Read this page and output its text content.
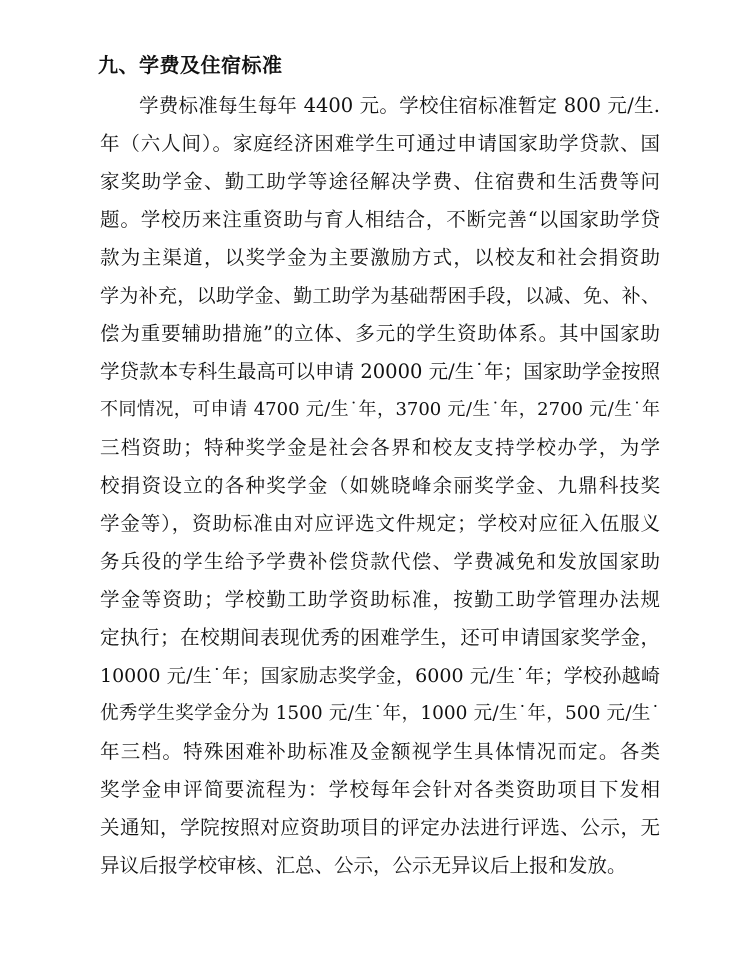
九、学费及住宿标准
学费标准每生每年 4400 元。学校住宿标准暂定 800 元/生.
年（六人间）。家庭经济困难学生可通过申请国家助学贷款、国
家奖助学金、勤工助学等途径解决学费、住宿费和生活费等问
题。学校历来注重资助与育人相结合，不断完善“以国家助学贷
款为主渠道，以奖学金为主要激励方式，以校友和社会捐资助
学为补充，以助学金、勤工助学为基础帮困手段，以减、免、补、
偿为重要辅助措施”的立体、多元的学生资助体系。其中国家助
学贷款本专科生最高可以申请 20000 元/生˙年；国家助学金按照
不同情况，可申请 4700 元/生˙年，3700 元/生˙年，2700 元/生˙年
三档资助；特种奖学金是社会各界和校友支持学校办学，为学
校捐资设立的各种奖学金（如姚晓峰余丽奖学金、九鼎科技奖
学金等），资助标准由对应评选文件规定；学校对应征入伍服义
务兵役的学生给予学费补偿贷款代偿、学费减免和发放国家助
学金等资助；学校勤工助学资助标准，按勤工助学管理办法规
定执行；在校期间表现优秀的困难学生，还可申请国家奖学金，
10000 元/生˙年；国家励志奖学金，6000 元/生˙年；学校孙越崎
优秀学生奖学金分为 1500 元/生˙年，1000 元/生˙年，500 元/生˙
年三档。特殊困难补助标准及金额视学生具体情况而定。各类
奖学金申评简要流程为：学校每年会针对各类资助项目下发相
关通知，学院按照对应资助项目的评定办法进行评选、公示，无
异议后报学校审核、汇总、公示，公示无异议后上报和发放。
